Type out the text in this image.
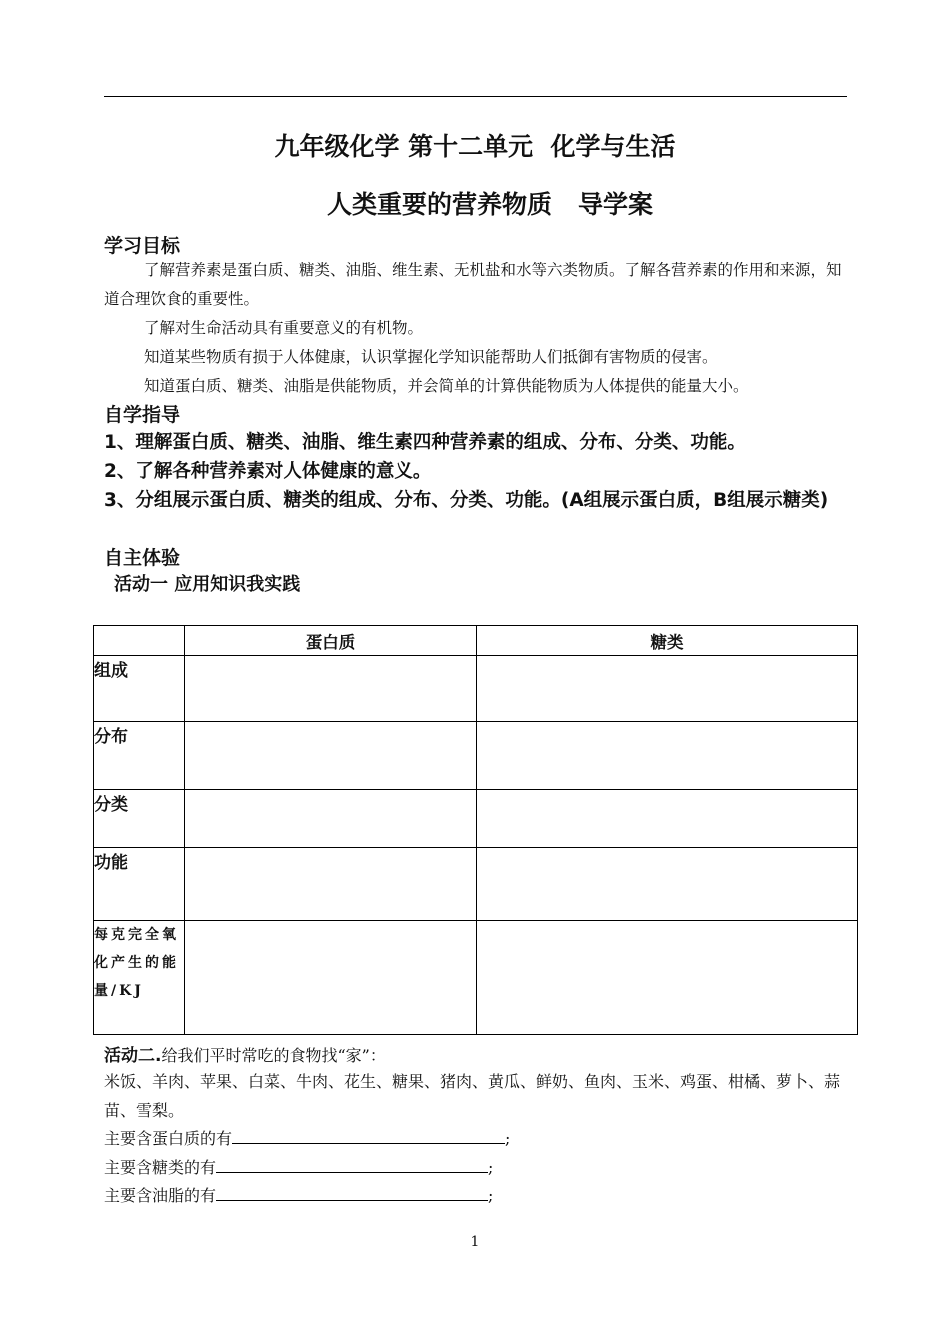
九年级化学 第十二单元  化学与生活
人类重要的营养物质   导学案
学习目标
了解营养素是蛋白质、糖类、油脂、维生素、无机盐和水等六类物质。了解各营养素的作用和来源，知道合理饮食的重要性。
了解对生命活动具有重要意义的有机物。
知道某些物质有损于人体健康，认识掌握化学知识能帮助人们抵御有害物质的侵害。
知道蛋白质、糖类、油脂是供能物质，并会简单的计算供能物质为人体提供的能量大小。
自学指导
1、理解蛋白质、糖类、油脂、维生素四种营养素的组成、分布、分类、功能。
2、了解各种营养素对人体健康的意义。
3、分组展示蛋白质、糖类的组成、分布、分类、功能。(A组展示蛋白质，B组展示糖类)
自主体验
活动一 应用知识我实践
	蛋白质	糖类
组成		
分布		
分类		
功能		
每克完全氧化产生的能量/KJ		
活动二.给我们平时常吃的食物找“家”：
米饭、羊肉、苹果、白菜、牛肉、花生、糖果、猪肉、黄瓜、鲜奶、鱼肉、玉米、鸡蛋、柑橘、萝卜、蒜苗、雪梨。
主要含蛋白质的有	;
主要含糖类的有	;
主要含油脂的有	;
1
